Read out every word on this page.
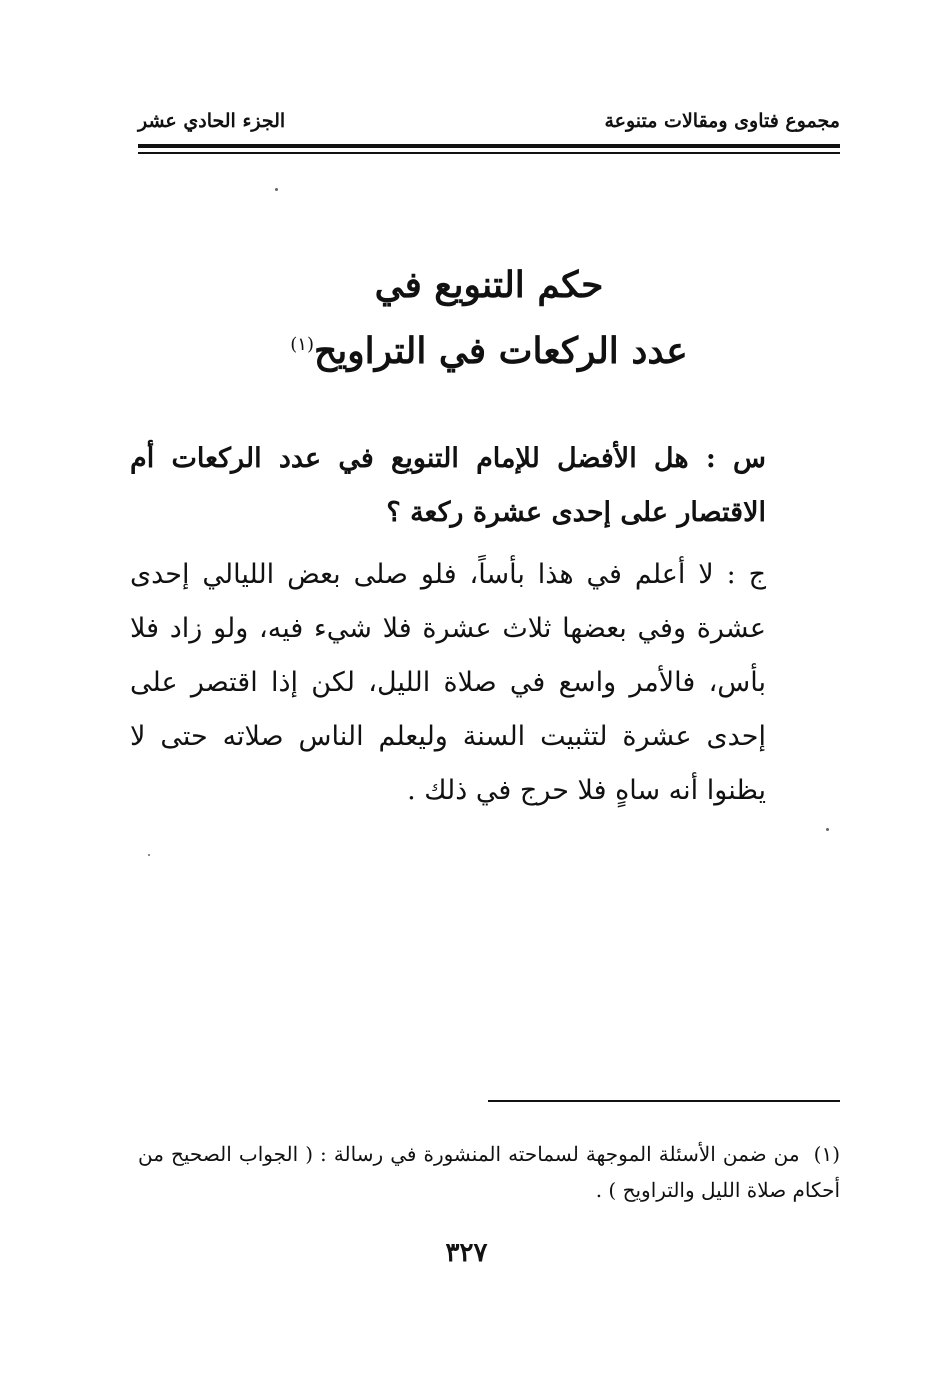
مجموع فتاوى ومقالات متنوعة
الجزء الحادي عشر
حكم التنويع في
عدد الركعات في التراويح$^{(١)}$
س : هل الأفضل للإمام التنويع في عدد الركعات أم الاقتصار على إحدى عشرة ركعة ؟
ج : لا أعلم في هذا بأساً، فلو صلى بعض الليالي إحدى عشرة وفي بعضها ثلاث عشرة فلا شيء فيه، ولو زاد فلا بأس، فالأمر واسع في صلاة الليل، لكن إذا اقتصر على إحدى عشرة لتثبيت السنة وليعلم الناس صلاته حتى لا يظنوا أنه ساهٍ فلا حرج في ذلك .
(١)من ضمن الأسئلة الموجهة لسماحته المنشورة في رسالة : ( الجواب الصحيح من أحكام صلاة الليل والتراويح ) .
٣٢٧
